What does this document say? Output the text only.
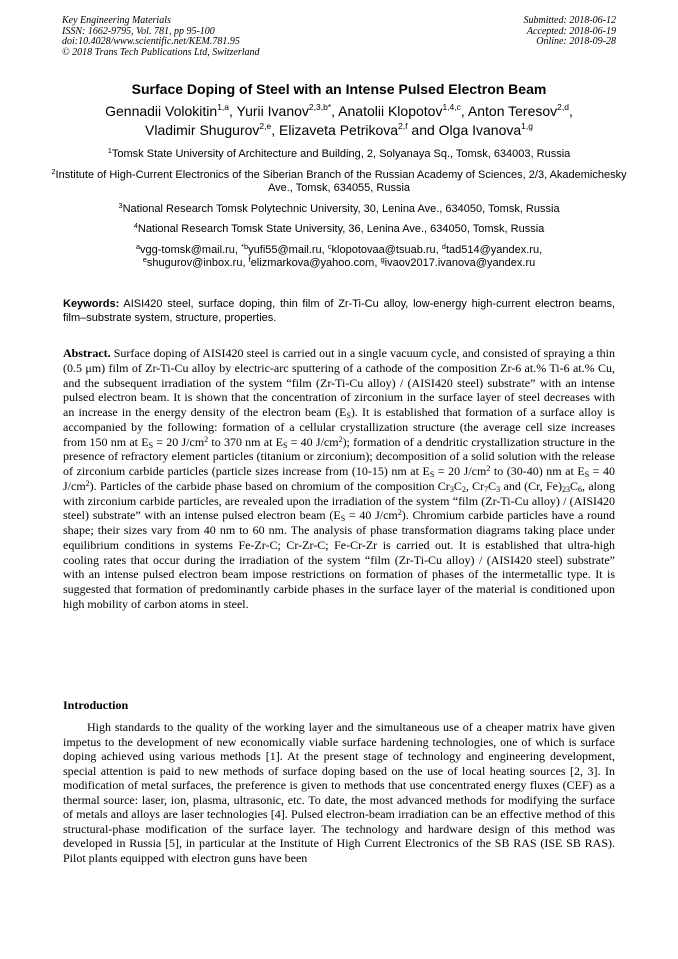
Key Engineering Materials
ISSN: 1662-9795, Vol. 781, pp 95-100
doi:10.4028/www.scientific.net/KEM.781.95
© 2018 Trans Tech Publications Ltd, Switzerland
Submitted: 2018-06-12
Accepted: 2018-06-19
Online: 2018-09-28
Surface Doping of Steel with an Intense Pulsed Electron Beam
Gennadii Volokitin$^{1,a}$, Yurii Ivanov$^{2,3,b*}$, Anatolii Klopotov$^{1,4,c}$, Anton Teresov$^{2,d}$,
Vladimir Shugurov$^{2,e}$, Elizaveta Petrikova$^{2,f}$ and Olga Ivanova$^{1,g}$
$^1$Tomsk State University of Architecture and Building, 2, Solyanaya Sq., Tomsk, 634003, Russia
$^2$Institute of High-Current Electronics of the Siberian Branch of the Russian Academy of Sciences, 2/3, Akademichesky Ave., Tomsk, 634055, Russia
$^3$National Research Tomsk Polytechnic University, 30, Lenina Ave., 634050, Tomsk, Russia
$^4$National Research Tomsk State University, 36, Lenina Ave., 634050, Tomsk, Russia
$^a$vgg-tomsk@mail.ru, $^{*b}$yufi55@mail.ru, $^c$klopotovaa@tsuab.ru, $^d$tad514@yandex.ru,
$^e$shugurov@inbox.ru, $^f$elizmarkova@yahoo.com, $^g$ivaov2017.ivanova@yandex.ru
Keywords: AISI420 steel, surface doping, thin film of Zr-Ti-Cu alloy, low-energy high-current electron beams, film–substrate system, structure, properties.
Abstract. Surface doping of AISI420 steel is carried out in a single vacuum cycle, and consisted of spraying a thin (0.5 μm) film of Zr-Ti-Cu alloy by electric-arc sputtering of a cathode of the composition Zr-6 at.% Ti-6 at.% Cu, and the subsequent irradiation of the system “film (Zr-Ti-Cu alloy) / (AISI420 steel) substrate” with an intense pulsed electron beam. It is shown that the concentration of zirconium in the surface layer of steel decreases with an increase in the energy density of the electron beam $(E_S)$. It is established that formation of a surface alloy is accompanied by the following: formation of a cellular crystallization structure (the average cell size increases from 150 nm at $E_S = 20$ $J/cm^2$ to 370 nm at $E_S = 40$ $J/cm^2$); formation of a dendritic crystallization structure in the presence of refractory element particles (titanium or zirconium); decomposition of a solid solution with the release of zirconium carbide particles (particle sizes increase from (10-15) nm at $E_S = 20$ $J/cm^2$ to (30-40) nm at $E_S = 40$ $J/cm^2$). Particles of the carbide phase based on chromium of the composition $Cr_3C_2$, $Cr_7C_3$ and (Cr, $Fe)_{23}C_6$, along with zirconium carbide particles, are revealed upon the irradiation of the system “film (Zr-Ti-Cu alloy) / (AISI420 steel) substrate” with an intense pulsed electron beam ($E_S = 40$ $J/cm^2$). Chromium carbide particles have a round shape; their sizes vary from 40 nm to 60 nm. The analysis of phase transformation diagrams taking place under equilibrium conditions in systems Fe-Zr-C; Cr-Zr-C; Fe-Cr-Zr is carried out. It is established that ultra-high cooling rates that occur during the irradiation of the system “film (Zr-Ti-Cu alloy) / (AISI420 steel) substrate” with an intense pulsed electron beam impose restrictions on formation of phases of the intermetallic type. It is suggested that formation of predominantly carbide phases in the surface layer of the material is conditioned upon high mobility of carbon atoms in steel.
Introduction
High standards to the quality of the working layer and the simultaneous use of a cheaper matrix have given impetus to the development of new economically viable surface hardening technologies, one of which is surface doping achieved using various methods [1]. At the present stage of technology and engineering development, special attention is paid to new methods of surface doping based on the use of local heating sources [2, 3]. In modification of metal surfaces, the preference is given to methods that use concentrated energy fluxes (CEF) as a thermal source: laser, ion, plasma, ultrasonic, etc. To date, the most advanced methods for modifying the surface of metals and alloys are laser technologies [4]. Pulsed electron-beam irradiation can be an effective method of this structural-phase modification of the surface layer. The technology and hardware design of this method was developed in Russia [5], in particular at the Institute of High Current Electronics of the SB RAS (ISE SB RAS). Pilot plants equipped with electron guns have been
